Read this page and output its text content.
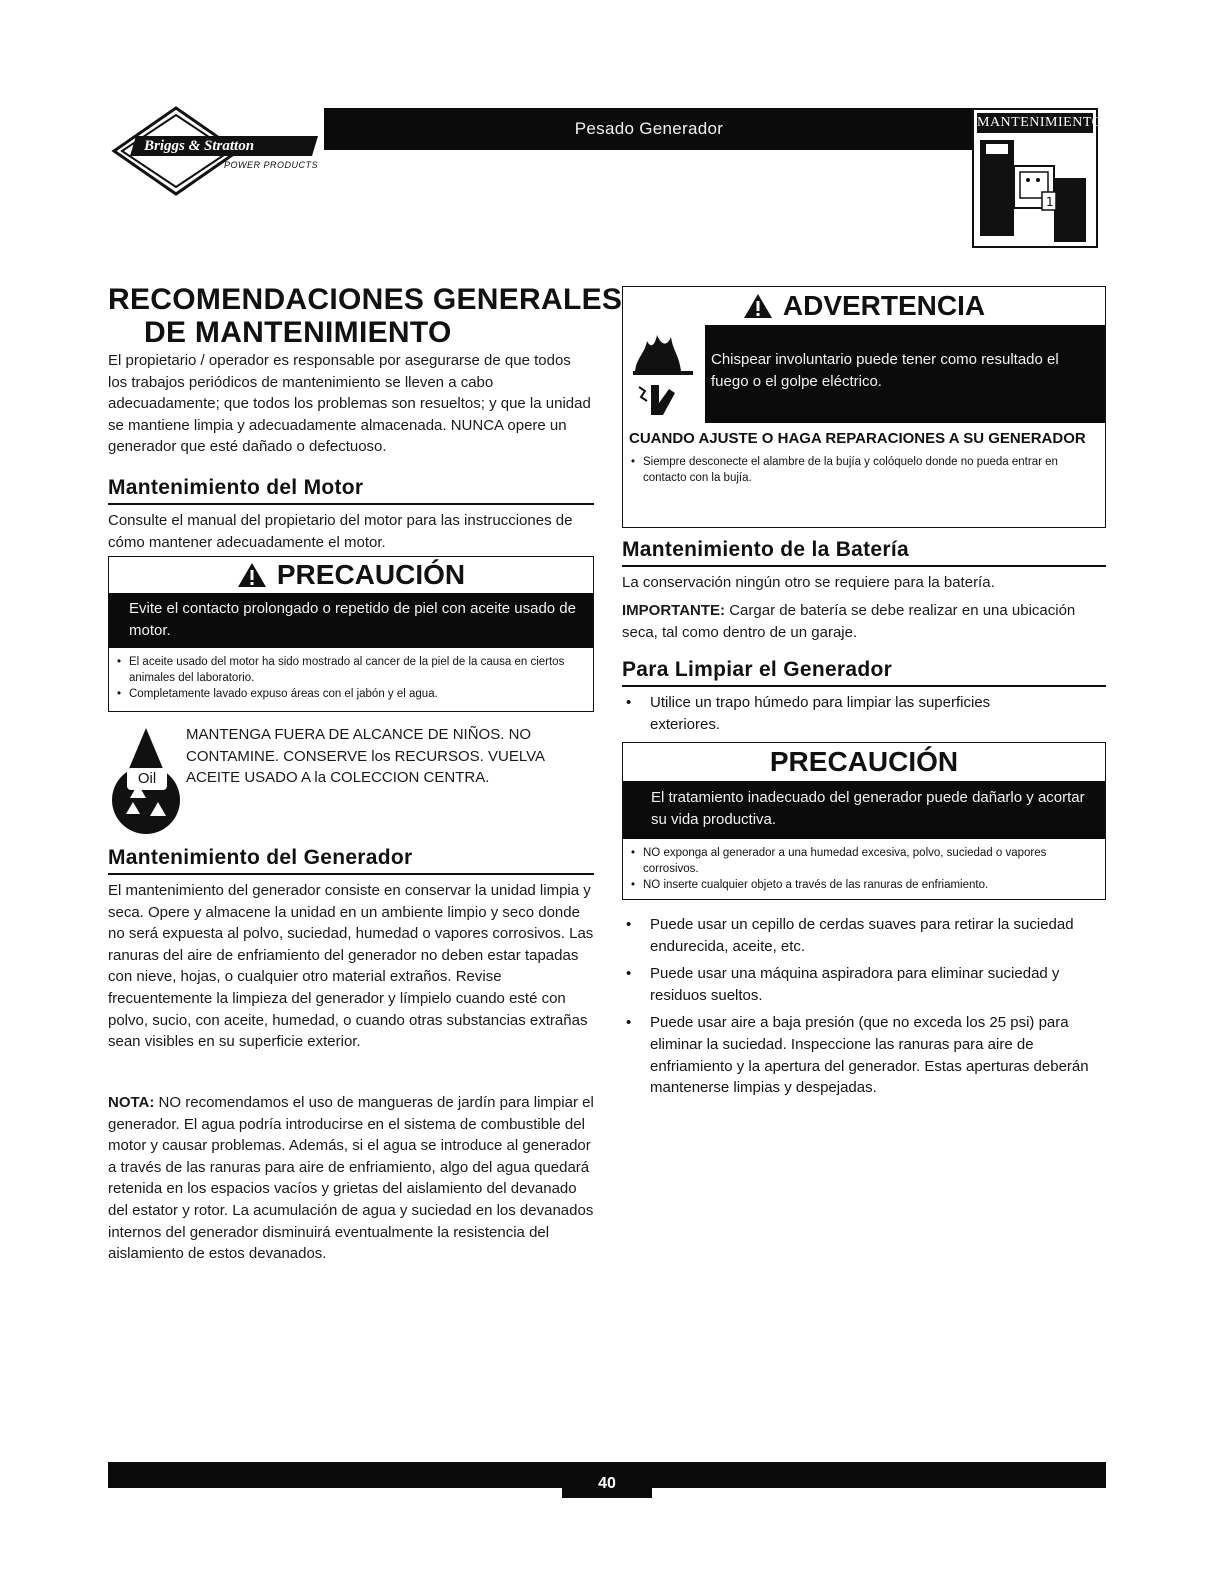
Briggs & Stratton
POWER PRODUCTS
Pesado Generador	MANTENIMIENTO
1
RECOMENDACIONES GENERALES
DE MANTENIMIENTO

El propietario / operador es responsable por asegurarse de que todos los trabajos periódicos de mantenimiento se lleven a cabo adecuadamente; que todos los problemas son resueltos; y que la unidad se mantiene limpia y adecuadamente almacenada. NUNCA opere un generador que esté dañado o defectuoso.

Mantenimiento del Motor

Consulte el manual del propietario del motor para las instrucciones de cómo mantener adecuadamente el motor.

PRECAUCIÓN
Evite el contacto prolongado o repetido de piel con aceite usado de motor.
• El aceite usado del motor ha sido mostrado al cancer de la piel de la causa en ciertos animales del laboratorio.
• Completamente lavado expuso áreas con el jabón y el agua.
Oil

MANTENGA FUERA DE ALCANCE DE NIÑOS. NO CONTAMINE. CONSERVE los RECURSOS. VUELVA ACEITE USADO A la COLECCION CENTRA.

Mantenimiento del Generador

El mantenimiento del generador consiste en conservar la unidad limpia y seca. Opere y almacene la unidad en un ambiente limpio y seco donde no será expuesta al polvo, suciedad, humedad o vapores corrosivos. Las ranuras del aire de enfriamiento del generador no deben estar tapadas con nieve, hojas, o cualquier otro material extraños. Revise frecuentemente la limpieza del generador y límpielo cuando esté con polvo, sucio, con aceite, humedad, o cuando otras substancias extrañas sean visibles en su superficie exterior.

NOTA: NO recomendamos el uso de mangueras de jardín para limpiar el generador. El agua podría introducirse en el sistema de combustible del motor y causar problemas. Además, si el agua se introduce al generador a través de las ranuras para aire de enfriamiento, algo del agua quedará retenida en los espacios vacíos y grietas del aislamiento del devanado del estator y rotor. La acumulación de agua y suciedad en los devanados internos del generador disminuirá eventualmente la resistencia del aislamiento de estos devanados.

ADVERTENCIA
Chispear involuntario puede tener como resultado el fuego o el golpe eléctrico.
CUANDO AJUSTE O HAGA REPARACIONES A SU GENERADOR
• Siempre desconecte el alambre de la bujía y colóquelo donde no pueda entrar en contacto con la bujía.
Mantenimiento de la Batería

La conservación ningún otro se requiere para la batería.

IMPORTANTE: Cargar de batería se debe realizar en una ubicación seca, tal como dentro de un garaje.

Para Limpiar el Generador
• Utilice un trapo húmedo para limpiar las superficies exteriores.
PRECAUCIÓN
El tratamiento inadecuado del generador puede dañarlo y acortar su vida productiva.
• NO exponga al generador a una humedad excesiva, polvo, suciedad o vapores corrosivos.
• NO inserte cualquier objeto a través de las ranuras de enfriamiento.
• Puede usar un cepillo de cerdas suaves para retirar la suciedad endurecida, aceite, etc.
• Puede usar una máquina aspiradora para eliminar suciedad y residuos sueltos.
• Puede usar aire a baja presión (que no exceda los 25 psi) para eliminar la suciedad. Inspeccione las ranuras para aire de enfriamiento y la apertura del generador. Estas aperturas deberán mantenerse limpias y despejadas.
40
